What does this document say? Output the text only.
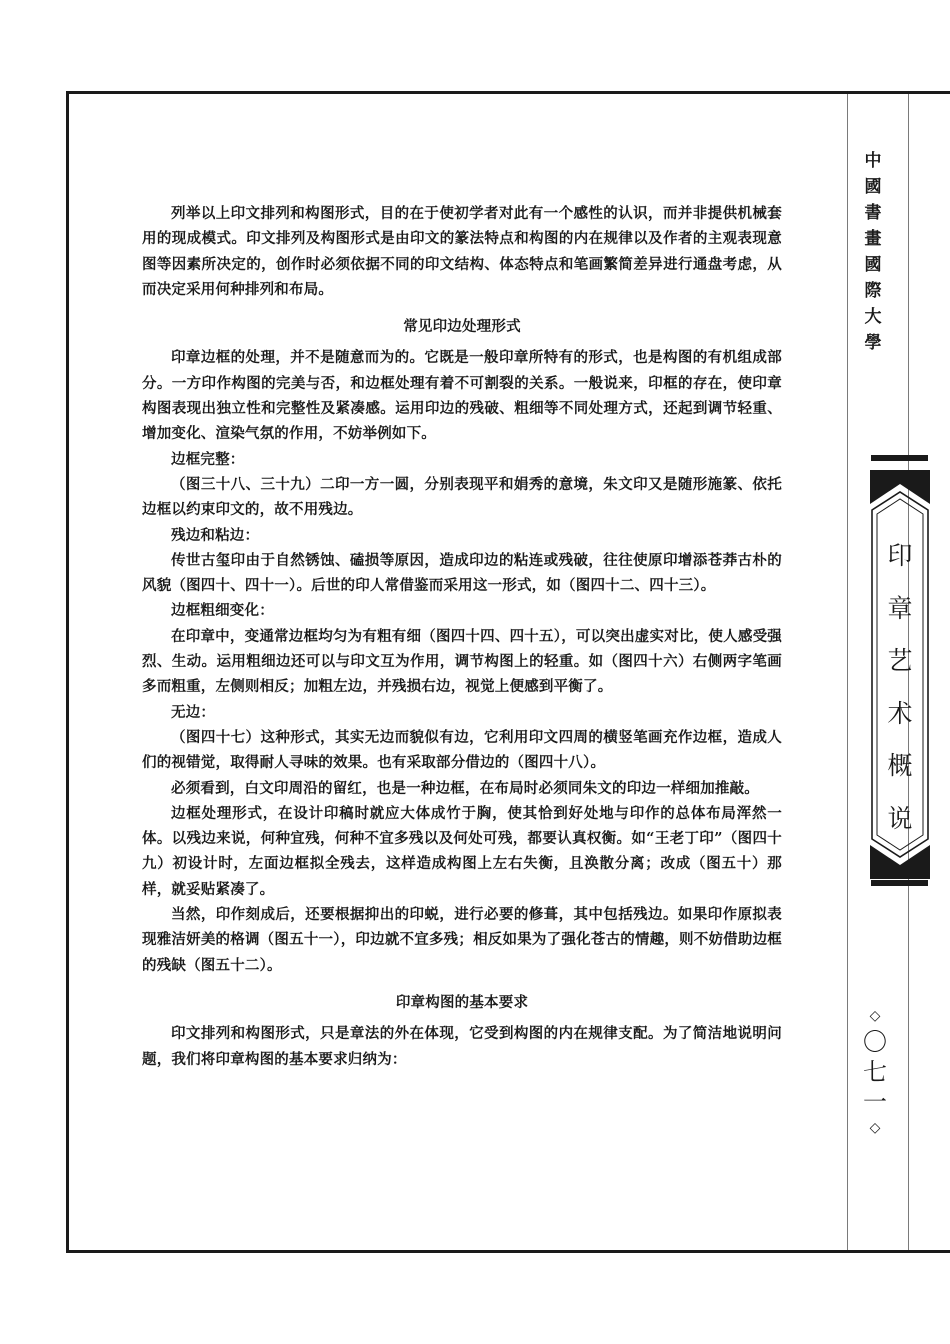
列举以上印文排列和构图形式，目的在于使初学者对此有一个感性的认识，而并非提供机械套用的现成模式。印文排列及构图形式是由印文的篆法特点和构图的内在规律以及作者的主观表现意图等因素所决定的，创作时必须依据不同的印文结构、体态特点和笔画繁简差异进行通盘考虑，从而决定采用何种排列和布局。

常见印边处理形式

印章边框的处理，并不是随意而为的。它既是一般印章所特有的形式，也是构图的有机组成部分。一方印作构图的完美与否，和边框处理有着不可割裂的关系。一般说来，印框的存在，使印章构图表现出独立性和完整性及紧凑感。运用印边的残破、粗细等不同处理方式，还起到调节轻重、增加变化、渲染气氛的作用，不妨举例如下。

边框完整：

（图三十八、三十九）二印一方一圆，分别表现平和娟秀的意境，朱文印又是随形施篆、依托边框以约束印文的，故不用残边。

残边和粘边：

传世古玺印由于自然锈蚀、磕损等原因，造成印边的粘连或残破，往往使原印增添苍莽古朴的风貌（图四十、四十一）。后世的印人常借鉴而采用这一形式，如（图四十二、四十三）。

边框粗细变化：

在印章中，变通常边框均匀为有粗有细（图四十四、四十五），可以突出虚实对比，使人感受强烈、生动。运用粗细边还可以与印文互为作用，调节构图上的轻重。如（图四十六）右侧两字笔画多而粗重，左侧则相反；加粗左边，并残损右边，视觉上便感到平衡了。

无边：

（图四十七）这种形式，其实无边而貌似有边，它利用印文四周的横竖笔画充作边框，造成人们的视错觉，取得耐人寻味的效果。也有采取部分借边的（图四十八）。

必须看到，白文印周沿的留红，也是一种边框，在布局时必须同朱文的印边一样细加推敲。

边框处理形式，在设计印稿时就应大体成竹于胸，使其恰到好处地与印作的总体布局浑然一体。以残边来说，何种宜残，何种不宜多残以及何处可残，都要认真权衡。如“王老丁印”（图四十九）初设计时，左面边框拟全残去，这样造成构图上左右失衡，且涣散分离；改成（图五十）那样，就妥贴紧凑了。

当然，印作刻成后，还要根据抑出的印蜕，进行必要的修葺，其中包括残边。如果印作原拟表现雅洁妍美的格调（图五十一），印边就不宜多残；相反如果为了强化苍古的情趣，则不妨借助边框的残缺（图五十二）。

印章构图的基本要求

印文排列和构图形式，只是章法的外在体现，它受到构图的内在规律支配。为了简洁地说明问题，我们将印章构图的基本要求归纳为：

中
國
書
畫
國
際
大
學
印
章
艺
术
概
说
◇
〇
七
一
◇
